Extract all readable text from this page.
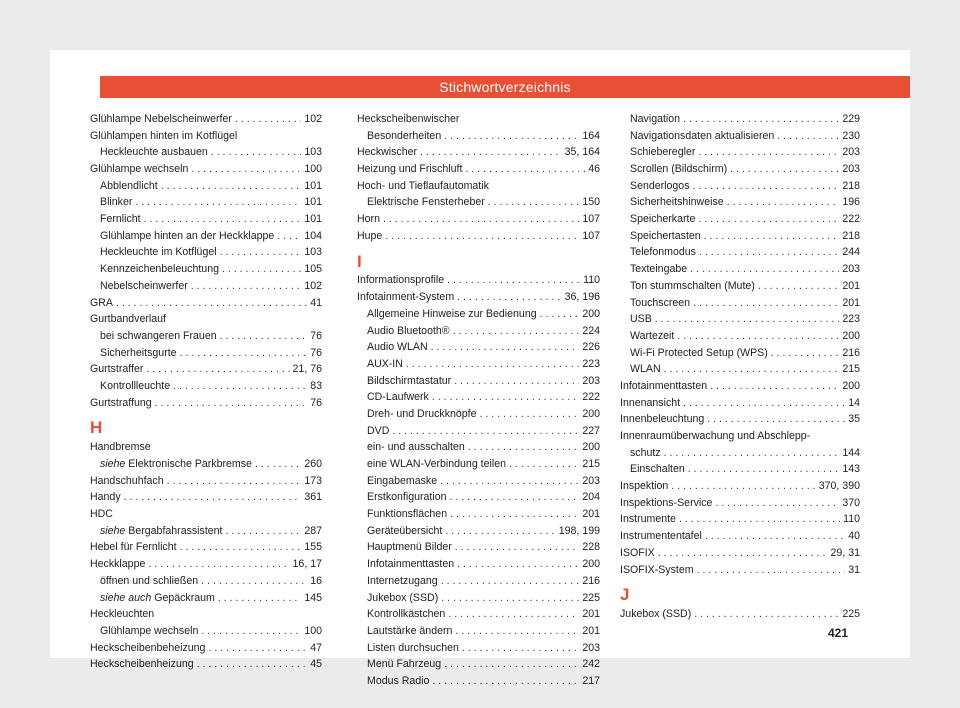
Stichwortverzeichnis
Glühlampe Nebelscheinwerfer . . .	102
Glühlampen hinten im Kotflügel
Heckleuchte ausbauen . . .	103
Glühlampe wechseln . . .	100
Abblendlicht . . .	101
Blinker . . .	101
Fernlicht . . .	101
Glühlampe hinten an der Heckklappe . . .	104
Heckleuchte im Kotflügel . . .	103
Kennzeichenbeleuchtung . . .	105
Nebelscheinwerfer . . .	102
GRA . . .	41
Gurtbandverlauf
bei schwangeren Frauen . . .	76
Sicherheitsgurte . . .	76
Gurtstraffer . . .	21, 76
Kontrollleuchte . . .	83
Gurtstraffung . . .	76
H
Handbremse
siehe Elektronische Parkbremse . . .	260
Handschuhfach . . .	173
Handy . . .	361
HDC
siehe Bergabfahrassistent . . .	287
Hebel für Fernlicht . . .	155
Heckklappe . . .	16, 17
öffnen und schließen . . .	16
siehe auch Gepäckraum . . .	145
Heckleuchten
Glühlampe wechseln . . .	100
Heckscheibenbeheizung . . .	47
Heckscheibenheizung . . .	45
Heckscheibenwischer
Besonderheiten . . .	164
Heckwischer . . .	35, 164
Heizung und Frischluft . . .	46
Hoch- und Tieflaufautomatik
Elektrische Fensterheber . . .	150
Horn . . .	107
Hupe . . .	107
I
Informationsprofile . . .	110
Infotainment-System . . .	36, 196
Allgemeine Hinweise zur Bedienung . . .	200
Audio Bluetooth® . . .	224
Audio WLAN . . .	226
AUX-IN . . .	223
Bildschirmtastatur . . .	203
CD-Laufwerk . . .	222
Dreh- und Druckknöpfe . . .	200
DVD . . .	227
ein- und ausschalten . . .	200
eine WLAN-Verbindung teilen . . .	215
Eingabemaske . . .	203
Erstkonfiguration . . .	204
Funktionsflächen . . .	201
Geräteübersicht . . .	198, 199
Hauptmenü Bilder . . .	228
Infotainmenttasten . . .	200
Internetzugang . . .	216
Jukebox (SSD) . . .	225
Kontrollkästchen . . .	201
Lautstärke ändern . . .	201
Listen durchsuchen . . .	203
Menü Fahrzeug . . .	242
Modus Radio . . .	217
Navigation . . .	229
Navigationsdaten aktualisieren . . .	230
Schieberegler . . .	203
Scrollen (Bildschirm) . . .	203
Senderlogos . . .	218
Sicherheitshinweise . . .	196
Speicherkarte . . .	222
Speichertasten . . .	218
Telefonmodus . . .	244
Texteingabe . . .	203
Ton stummschalten (Mute) . . .	201
Touchscreen . . .	201
USB . . .	223
Wartezeit . . .	200
Wi-Fi Protected Setup (WPS) . . .	216
WLAN . . .	215
Infotainmenttasten . . .	200
Innenansicht . . .	14
Innenbeleuchtung . . .	35
Innenraumüberwachung und Abschlepp-
schutz . . .	144
Einschalten . . .	143
Inspektion . . .	370, 390
Inspektions-Service . . .	370
Instrumente . . .	110
Instrumententafel . . .	40
ISOFIX . . .	29, 31
ISOFIX-System . . .	31
J
Jukebox (SSD) . . .	225
421
